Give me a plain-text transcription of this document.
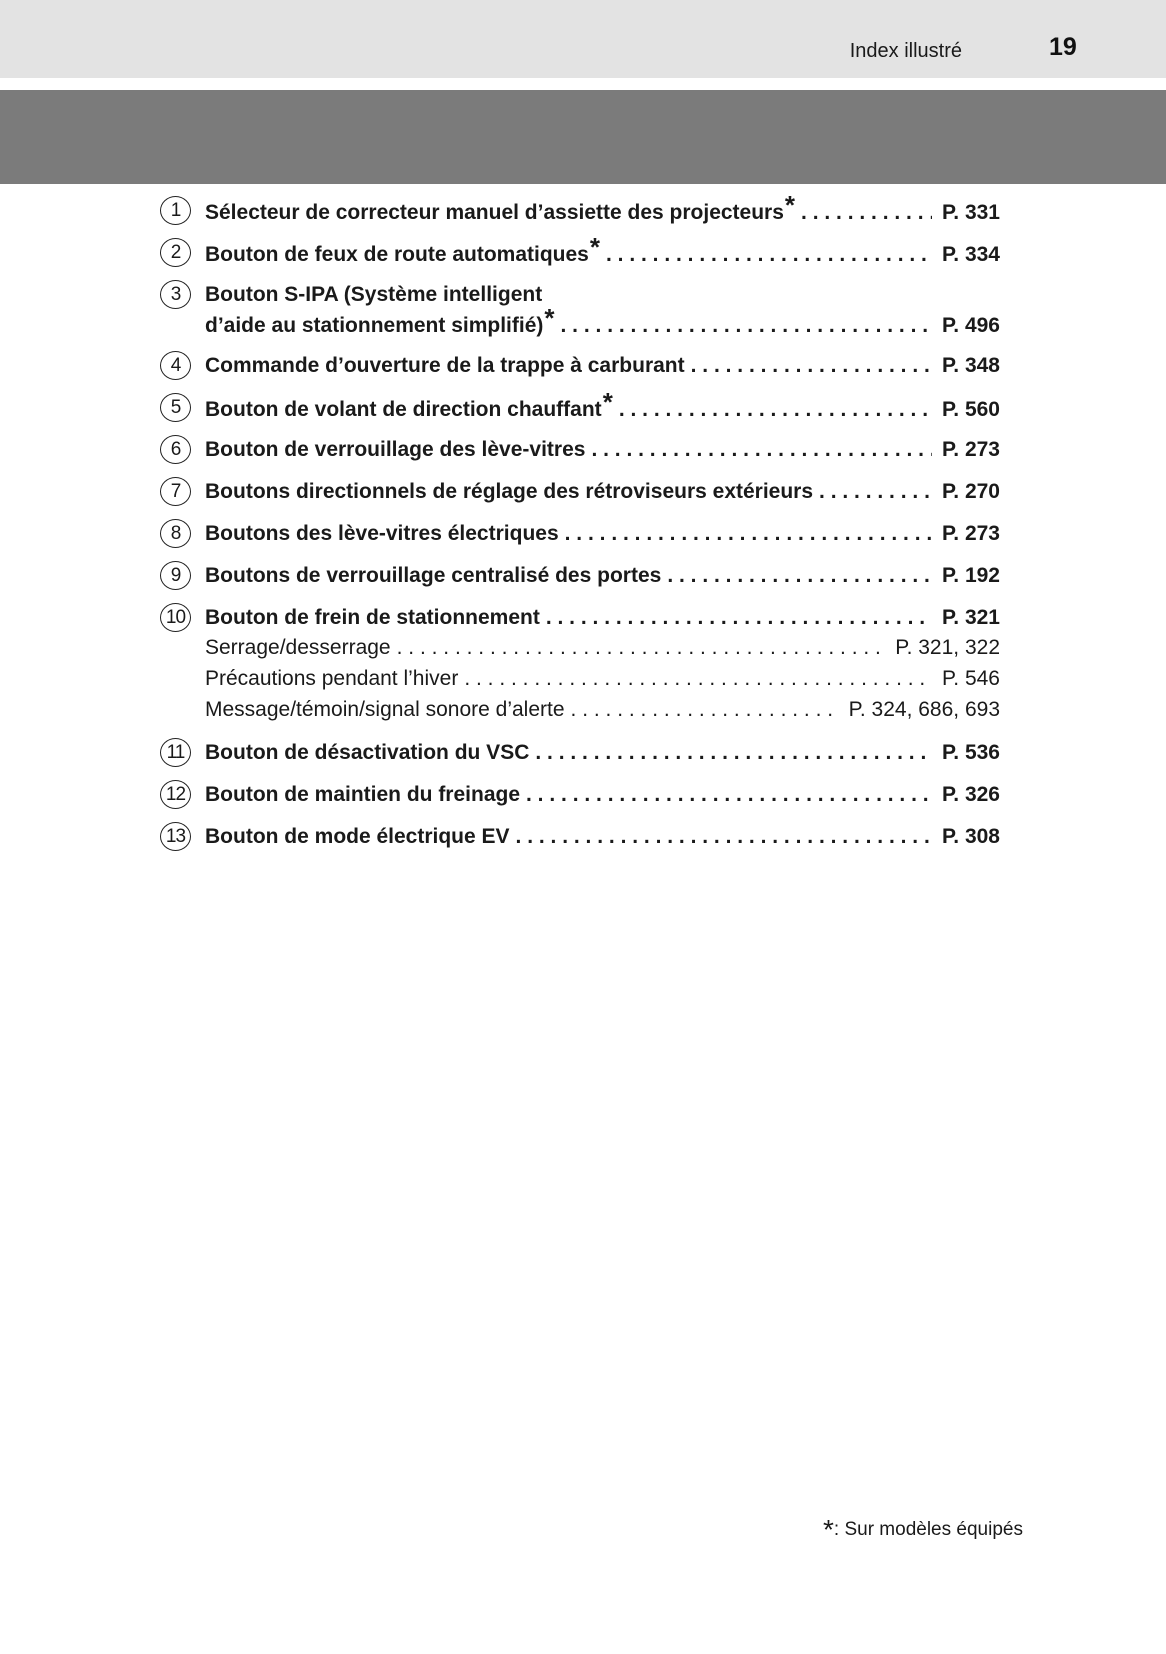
Index illustré	19
1	Sélecteur de correcteur manuel d’assiette des projecteurs * . . .	P. 331
2	Bouton de feux de route automatiques * . . .	P. 334
3	Bouton S-IPA (Système intelligent
d’aide au stationnement simplifié) * . . .	P. 496
4	Commande d’ouverture de la trappe à carburant . . .	P. 348
5	Bouton de volant de direction chauffant * . . .	P. 560
6	Bouton de verrouillage des lève-vitres . . .	P. 273
7	Boutons directionnels de réglage des rétroviseurs extérieurs . . .	P. 270
8	Boutons des lève-vitres électriques . . .	P. 273
9	Boutons de verrouillage centralisé des portes . . .	P. 192
10 Bouton de frein de stationnement . . .	P. 321
Serrage/desserrage . . .	P. 321, 322
Précautions pendant l’hiver . . .	P. 546
Message/témoin/signal sonore d’alerte . . .	P. 324, 686, 693
11 Bouton de désactivation du VSC . . .	P. 536
12 Bouton de maintien du freinage . . .	P. 326
13 Bouton de mode électrique EV . . .	P. 308
*: Sur modèles équipés
